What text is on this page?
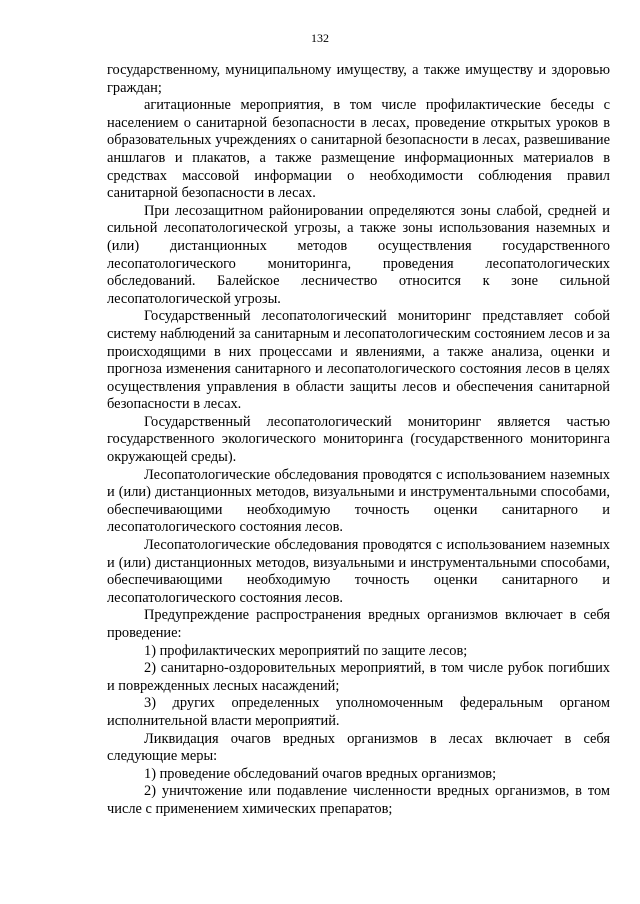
132

государственному, муниципальному имуществу, а также имуществу и здоровью граждан;

агитационные мероприятия, в том числе профилактические беседы с населением о санитарной безопасности в лесах, проведение открытых уроков в образовательных учреждениях о санитарной безопасности в лесах, развешивание аншлагов и плакатов, а также размещение информационных материалов в средствах массовой информации о необходимости соблюдения правил санитарной безопасности в лесах.

При лесозащитном районировании определяются зоны слабой, средней и сильной лесопатологической угрозы, а также зоны использования наземных и (или) дистанционных методов осуществления государственного лесопатологического мониторинга, проведения лесопатологических обследований. Балейское лесничество относится к зоне сильной лесопатологической угрозы.

Государственный лесопатологический мониторинг представляет собой систему наблюдений за санитарным и лесопатологическим состоянием лесов и за происходящими в них процессами и явлениями, а также анализа, оценки и прогноза изменения санитарного и лесопатологического состояния лесов в целях осуществления управления в области защиты лесов и обеспечения санитарной безопасности в лесах.

Государственный лесопатологический мониторинг является частью государственного экологического мониторинга (государственного мониторинга окружающей среды).

Лесопатологические обследования проводятся с использованием наземных и (или) дистанционных методов, визуальными и инструментальными способами, обеспечивающими необходимую точность оценки санитарного и лесопатологического состояния лесов.

Лесопатологические обследования проводятся с использованием наземных и (или) дистанционных методов, визуальными и инструментальными способами, обеспечивающими необходимую точность оценки санитарного и лесопатологического состояния лесов.

Предупреждение распространения вредных организмов включает в себя проведение:

1) профилактических мероприятий по защите лесов;

2) санитарно-оздоровительных мероприятий, в том числе рубок погибших и поврежденных лесных насаждений;

3) других определенных уполномоченным федеральным органом исполнительной власти мероприятий.

Ликвидация очагов вредных организмов в лесах включает в себя следующие меры:

1) проведение обследований очагов вредных организмов;

2) уничтожение или подавление численности вредных организмов, в том числе с применением химических препаратов;
